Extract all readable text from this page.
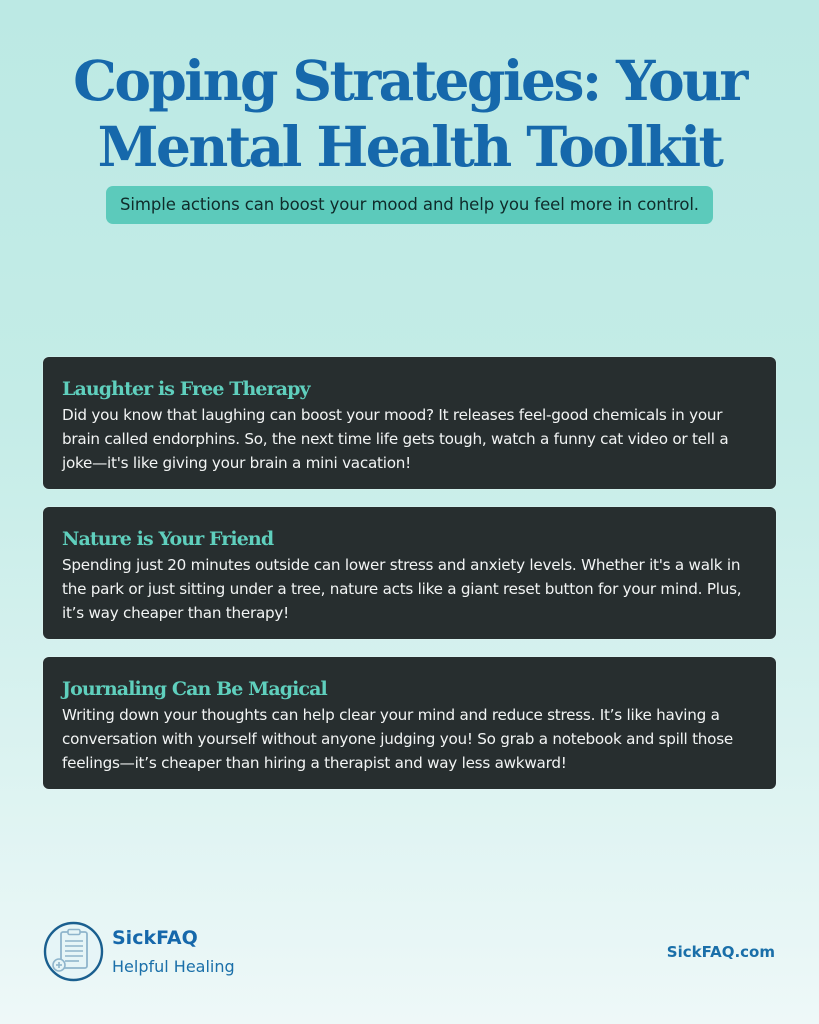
Coping Strategies: Your
Mental Health Toolkit
Simple actions can boost your mood and help you feel more in control.
Laughter is Free Therapy
Did you know that laughing can boost your mood? It releases feel-good chemicals in your brain called endorphins. So, the next time life gets tough, watch a funny cat video or tell a joke—it's like giving your brain a mini vacation!
Nature is Your Friend
Spending just 20 minutes outside can lower stress and anxiety levels. Whether it's a walk in the park or just sitting under a tree, nature acts like a giant reset button for your mind. Plus, it’s way cheaper than therapy!
Journaling Can Be Magical
Writing down your thoughts can help clear your mind and reduce stress. It’s like having a conversation with yourself without anyone judging you! So grab a notebook and spill those feelings—it’s cheaper than hiring a therapist and way less awkward!
SickFAQ
Helpful Healing
SickFAQ.com
